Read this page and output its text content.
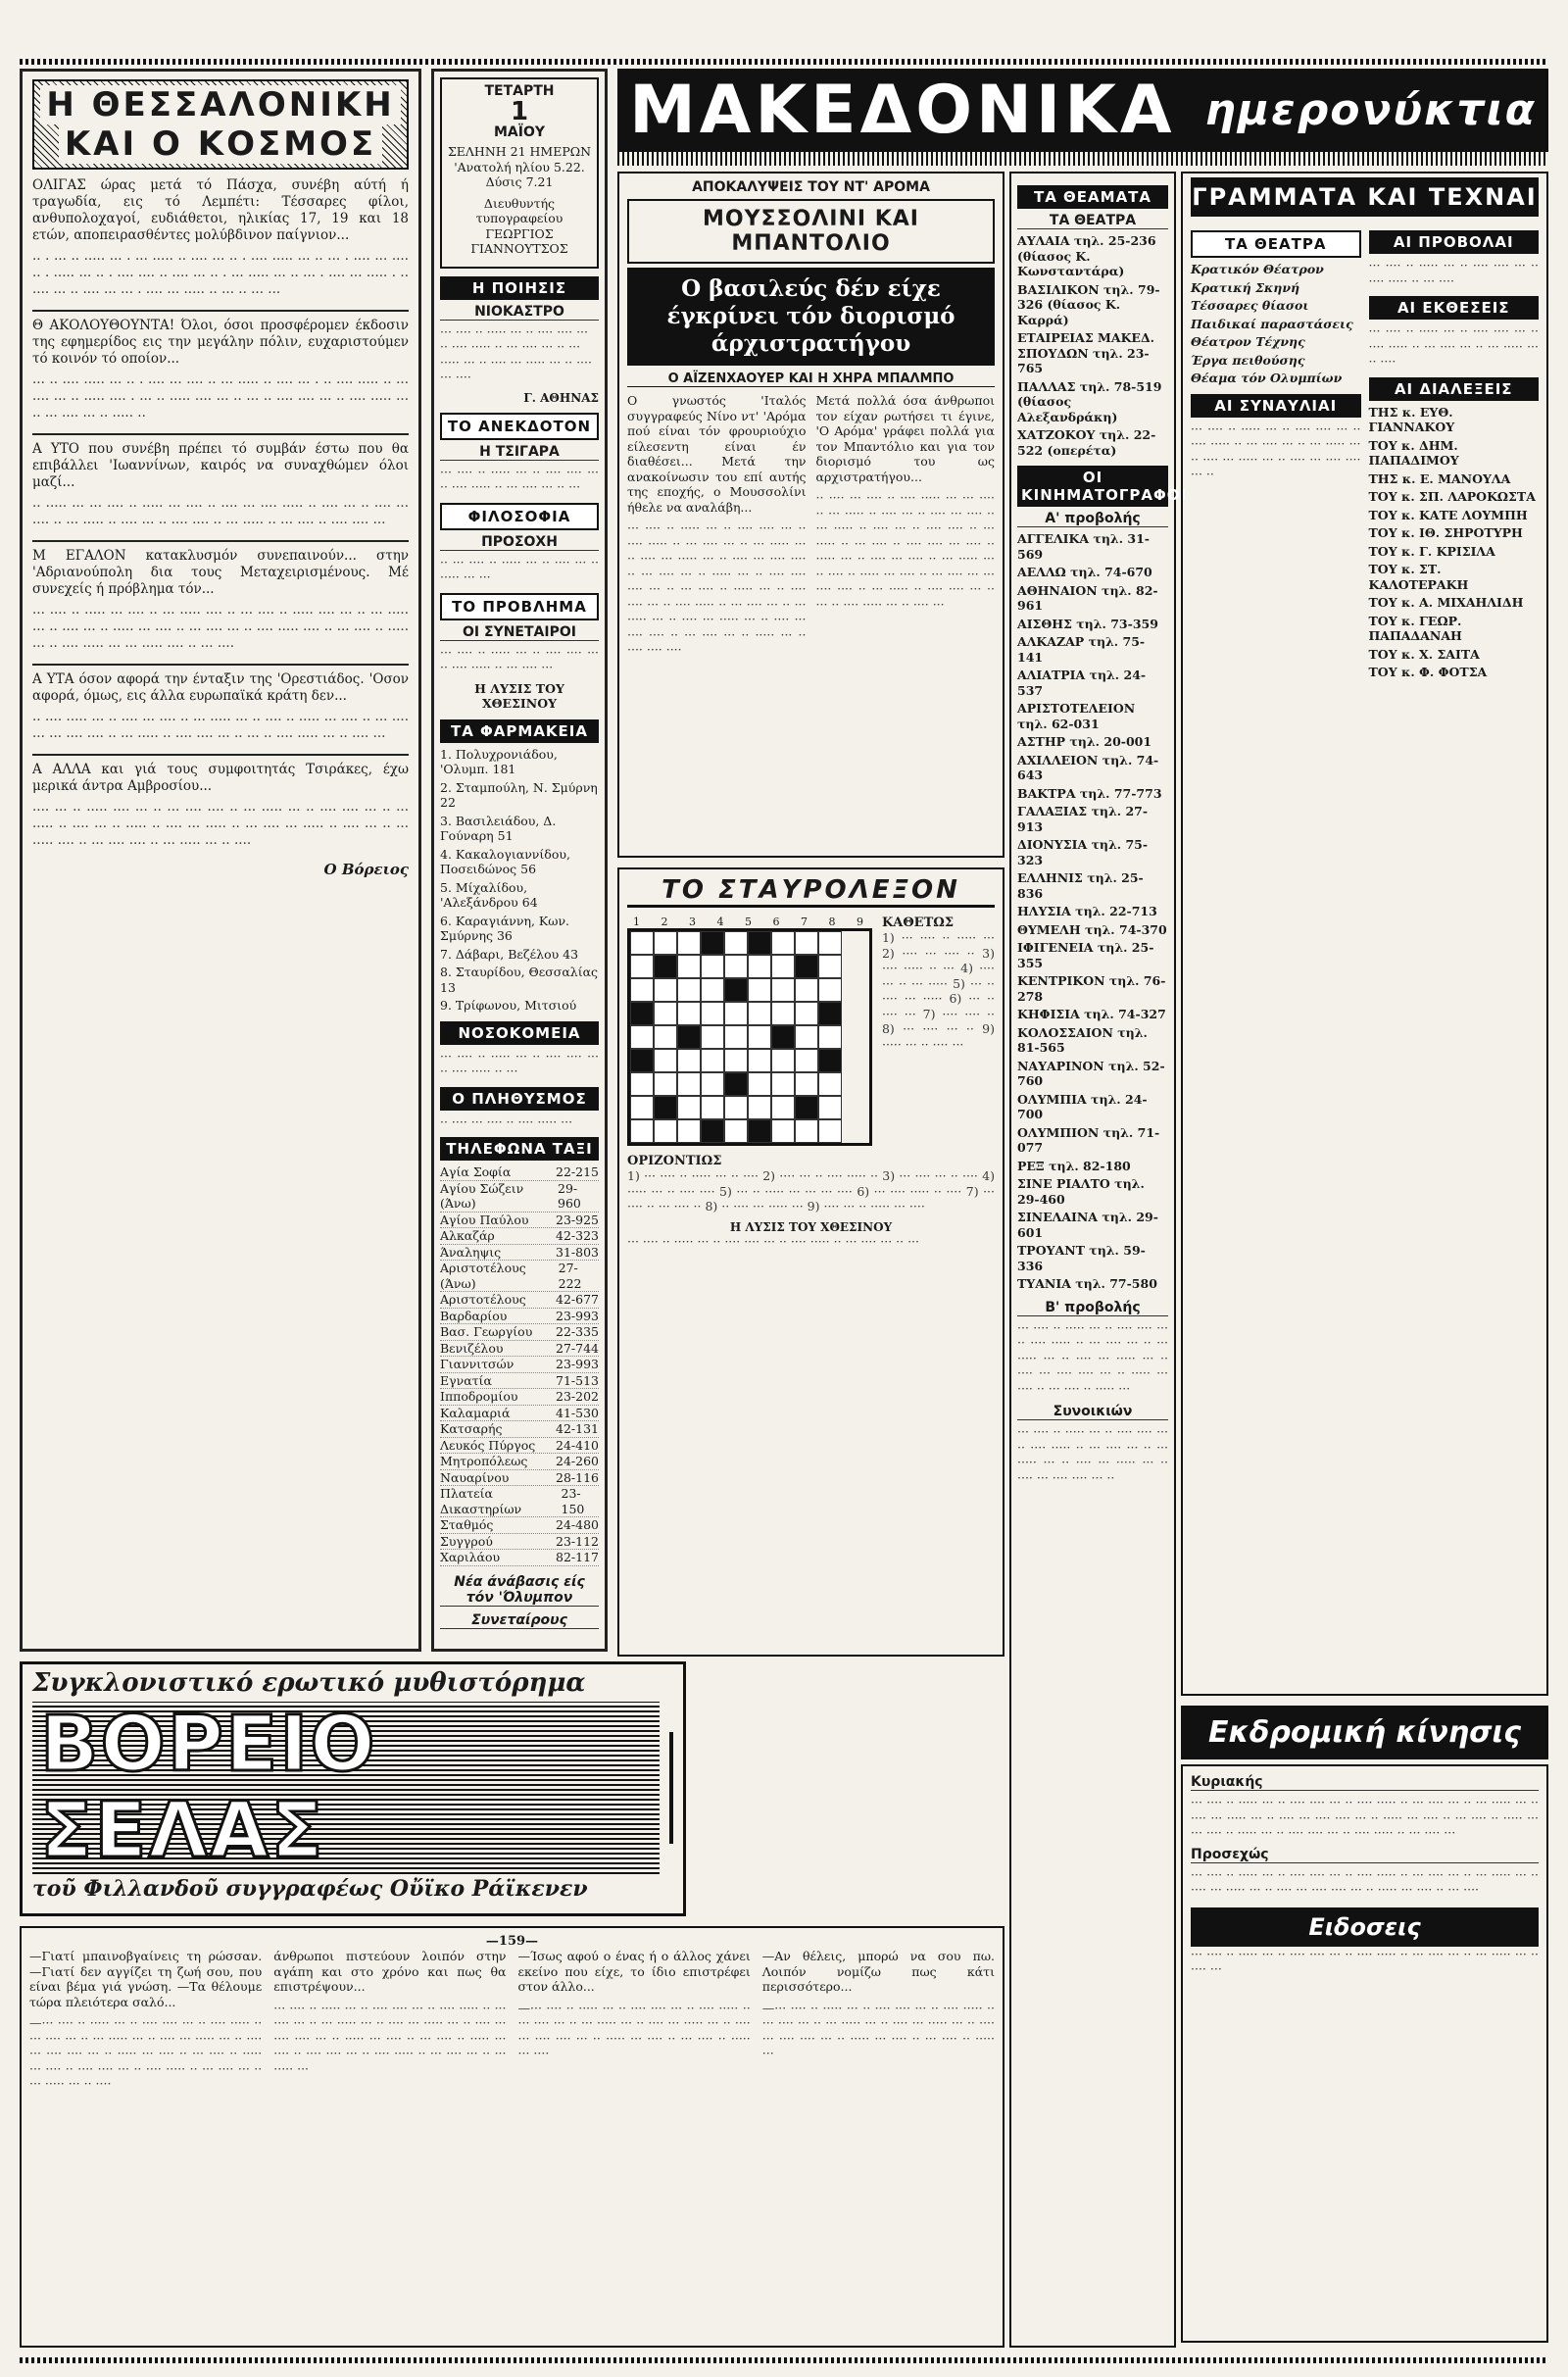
Η ΘΕΣΣΑΛΟΝΙΚΗ
ΚΑΙ Ο ΚΟΣΜΟΣ

ΟΛΙΓΑΣ ώρας μετά τό Πάσχα, συνέβη αύτή ή τραγωδία, εις τό Λεμπέτι: Τέσσαρες φίλοι, ανθυπολοχαγοί, ευδιάθετοι, ηλικίας 17, 19 και 18 ετών, αποπειρασθέντες μολύβδινον παίγνιον...

·· · ··· ·· ····· ··· · ··· ····· ·· ···· ··· ·· · ···· ····· ··· ·· ··· · ···· ··· ···· ·· · ····· ··· ·· · ···· ···· ·· ···· ··· ·· · ··· ····· ··· ·· ··· · ···· ··· ····· · ·· ···· ··· ·· ···· ··· ··· · ···· ··· ····· ·· ··· ·· ··· ···

Θ ΑΚΟΛΟΥΘΟΥΝΤΑ! Όλοι, όσοι προσφέρομεν έκδοσιν της εφημερίδος εις την μεγάλην πόλιν, ευχαριστούμεν τό κοινόν τό οποίον...

··· ·· ···· ····· ··· ·· · ···· ··· ···· ·· ··· ····· ·· ···· ··· · ·· ···· ····· ·· ··· ···· ··· ·· ····· ···· · ··· ·· ····· ···· ··· ·· ··· ·· ···· ···· ··· ·· ···· ····· ··· ·· ··· ···· ··· ·· ····· ··

Α ΥΤΟ που συνέβη πρέπει τό συμβάν έστω που θα επιβάλλει 'Ιωαννίνων, καιρός να συναχθώμεν όλοι μαζί...

·· ····· ··· ··· ···· ·· ····· ··· ···· ·· ···· ··· ···· ····· ·· ···· ··· ·· ···· ··· ···· ·· ··· ····· ·· ···· ··· ·· ···· ···· ·· ··· ····· ·· ··· ···· ·· ···· ···· ···

Μ ΕΓΑΛΟΝ κατακλυσμόν συνεπαινούν... στην 'Αδριανούπολη δια τους Μεταχειρισμένους. Μέ συνεχείς ή πρόβλημα τόν...

··· ···· ·· ····· ··· ···· ·· ··· ····· ···· ·· ··· ···· ·· ····· ···· ··· ·· ··· ····· ··· ·· ···· ··· ·· ····· ··· ···· ·· ··· ···· ··· ·· ···· ····· ···· ·· ··· ···· ·· ····· ··· ·· ···· ····· ··· ··· ····· ···· ·· ··· ····

Α ΥΤΑ όσον αφορά την ένταξιν της 'Ορεστιάδος. 'Οσον αφορά, όμως, εις άλλα ευρωπαϊκά κράτη δεν...

·· ···· ····· ··· ·· ···· ··· ···· ·· ··· ····· ··· ·· ···· ·· ····· ··· ···· ·· ··· ···· ··· ··· ···· ···· ·· ··· ····· ·· ···· ···· ··· ·· ··· ·· ···· ····· ··· ·· ···· ···

Α ΑΛΛΑ και γιά τους συμφοιτητάς Τσιράκες, έχω μερικά άντρα Αμβροσίου...

···· ··· ·· ····· ···· ··· ·· ··· ···· ···· ·· ··· ····· ··· ·· ···· ···· ··· ·· ··· ····· ·· ···· ··· ·· ····· ·· ···· ··· ····· ·· ··· ···· ··· ····· ·· ···· ··· ·· ··· ····· ···· ·· ··· ···· ···· ·· ··· ····· ··· ·· ····

Ο Βόρειος
ΤΕΤΑΡΤΗ
1
ΜΑΪΟΥ
ΣΕΛΗΝΗ 21 ΗΜΕΡΩΝ 'Ανατολή ηλίου 5.22. Δύσις 7.21
Διευθυντής τυπογραφείου ΓΕΩΡΓΙΟΣ ΓΙΑΝΝΟΥΤΣΟΣ
Η ΠΟΙΗΣΙΣ
ΝΙΟΚΑΣΤΡΟ

··· ···· ·· ····· ··· ·· ···· ···· ··· ·· ···· ····· ·· ··· ···· ··· ·· ··· ····· ··· ·· ···· ··· ····· ··· ·· ···· ··· ····

Γ. ΑΘΗΝΑΣ
ΤΟ ΑΝΕΚΔΟΤΟΝ
Η ΤΣΙΓΑΡΑ

··· ···· ·· ····· ··· ·· ···· ···· ··· ·· ···· ····· ·· ··· ···· ··· ·· ···

ΦΙΛΟΣΟΦΙΑ
ΠΡΟΣΟΧΗ

·· ··· ···· ·· ····· ··· ·· ···· ··· ·· ····· ··· ···

ΤΟ ΠΡΟΒΛΗΜΑ
ΟΙ ΣΥΝΕΤΑΙΡΟΙ

··· ···· ·· ····· ··· ·· ···· ···· ··· ·· ···· ····· ·· ··· ···· ···

Η ΛΥΣΙΣ ΤΟΥ ΧΘΕΣΙΝΟΥ
ΤΑ ΦΑΡΜΑΚΕΙΑ
1. Πολυχρονιάδου, 'Ολυμπ. 181
2. Σταμπούλη, Ν. Σμύρνη 22
3. Βασιλειάδου, Δ. Γούναρη 51
4. Κακαλογιαννίδου, Ποσειδώνος 56
5. Μίχαλίδου, 'Αλεξάνδρου 64
6. Καραγιάννη, Κων. Σμύρνης 36
7. Δάβαρι, Βεζέλου 43
8. Σταυρίδου, Θεσσαλίας 13
9. Τρίφωνου, Μιτσιού
ΝΟΣΟΚΟΜΕΙΑ

··· ···· ·· ····· ··· ·· ···· ···· ··· ·· ···· ····· ·· ···

Ο ΠΛΗΘΥΣΜΟΣ

·· ···· ··· ···· ·· ···· ····· ···

ΤΗΛΕΦΩΝΑ ΤΑΞΙ
Αγία Σοφία	22-215
Αγίου Σώζειν (Άνω)
29-960
Αγίου Παύλου 23-925
Αλκαζάρ	42-323
Άναληψις	31-803
Αριστοτέλους (Άνω)
27-222
Αριστοτέλους 42-677
Βαρδαρίου	23-993
Βασ. Γεωργίου 22-335
Βενιζέλου	27-744
Γιαννιτσών	23-993
Εγνατία	71-513
Ιπποδρομίου	23-202
Καλαμαριά	41-530
Κατσαρής	42-131
Λευκός Πύργος 24-410
Μητροπόλεως 24-260
Ναυαρίνου	28-116
Πλατεία Δικαστηρίων
23-150
Σταθμός	24-480
Συγγρού	23-112
Χαριλάου	82-117
Νέα άνάβασις είς τόν 'Όλυμπον
Συνεταίρους
ΜΑΚΕΔΟΝΙΚΑ ημερονύκτια
ΑΠΟΚΑΛΥΨΕΙΣ ΤΟΥ ΝΤ' ΑΡΟΜΑ
ΜΟΥΣΣΟΛΙΝΙ ΚΑΙ ΜΠΑΝΤΟΛΙΟ
Ο βασιλεύς δέν είχε έγκρίνει τόν διορισμό άρχιστρατήγου
Ο ΑΪΖΕΝΧΑΟΥΕΡ ΚΑΙ Η ΧΗΡΑ ΜΠΑΛΜΠΟ

Ο γνωστός 'Ιταλός συγγραφεύς Νίνο ντ' 'Αρόμα πού είναι τόν φρουριούχιο είλεσεντη είναι έν διαθέσει... Μετά την ανακοίνωσιν του επί αυτής της εποχής, ο Μουσσολίνι ήθελε να αναλάβη...

··· ···· ·· ····· ··· ·· ···· ···· ··· ·· ···· ····· ·· ··· ···· ··· ·· ··· ····· ··· ·· ···· ··· ····· ··· ·· ···· ··· ···· ···· ·· ··· ···· ··· ·· ····· ··· ·· ···· ···· ···· ··· ·· ··· ···· ·· ····· ··· ·· ···· ···· ··· ·· ···· ····· ·· ··· ···· ··· ·· ··· ····· ··· ·· ···· ··· ····· ··· ·· ···· ··· ···· ···· ·· ··· ···· ··· ·· ····· ··· ·· ···· ···· ····

Μετά πολλά όσα άνθρωποι τον είχαν ρωτήσει τι έγινε, 'Ο Αρόμα' γράφει πολλά για τον Μπαντόλιο και για τον διορισμό του ως αρχιστρατήγου...

·· ···· ··· ···· ·· ···· ····· ··· ··· ···· ·· ··· ····· ·· ···· ··· ·· ···· ··· ···· ·· ··· ····· ·· ···· ··· ·· ···· ···· ·· ··· ····· ·· ··· ···· ·· ···· ···· ··· ···· ·· ····· ··· ·· ···· ··· ···· ·· ··· ····· ··· ·· ···· ·· ····· ··· ···· ·· ··· ···· ··· ··· ···· ···· ·· ··· ····· ·· ···· ···· ··· ·· ··· ·· ···· ····· ··· ·· ···· ···

ΤΟ ΣΤΑΥΡΟΛΕΞΟΝ
1 2 3 4 5 6 7 8 9 ΚΑΘΕΤΩΣ

1) ··· ···· ·· ····· ··· 2) ···· ··· ···· ·· 3) ···· ····· ·· ··· 4) ···· ··· ·· ··· ····· 5) ··· ·· ···· ··· ····· 6) ··· ·· ···· ··· 7) ···· ···· ·· 8) ··· ···· ··· ·· 9) ····· ··· ·· ···· ···

ΟΡΙΖΟΝΤΙΩΣ

1) ··· ···· ·· ····· ··· ·· ···· 2) ···· ··· ·· ···· ····· ·· 3) ··· ···· ··· ·· ···· 4) ····· ··· ·· ···· ···· 5) ··· ·· ····· ··· ··· ··· ···· 6) ··· ···· ····· ·· ···· 7) ··· ···· ·· ··· ···· ·· 8) ·· ···· ··· ····· ··· 9) ···· ··· ·· ····· ··· ····

Η ΛΥΣΙΣ ΤΟΥ ΧΘΕΣΙΝΟΥ

··· ···· ·· ····· ··· ·· ···· ···· ··· ·· ···· ····· ·· ··· ···· ··· ·· ···

ΤΑ ΘΕΑΜΑΤΑ
ΤΑ ΘΕΑΤΡΑ
ΑΥΛΑΙΑ τηλ. 25-236 (θίασος Κ. Κωνσταντάρα)
ΒΑΣΙΛΙΚΟΝ τηλ. 79-326 (θίασος Κ. Καρρά)
ΕΤΑΙΡΕΙΑΣ ΜΑΚΕΔ. ΣΠΟΥΔΩΝ τηλ. 23-765
ΠΑΛΛΑΣ τηλ. 78-519 (θίασος Αλεξανδράκη)
ΧΑΤΖΟΚΟΥ τηλ. 22-522 (οπερέτα)
ΟΙ ΚΙΝΗΜΑΤΟΓΡΑΦΟΙ
Α' προβολής
ΑΓΓΕΛΙΚΑ τηλ. 31-569
ΑΕΛΛΩ τηλ. 74-670
ΑΘΗΝΑΙΟΝ τηλ. 82-961
ΑΙΣΘΗΣ τηλ. 73-359
ΑΛΚΑΖΑΡ τηλ. 75-141
ΑΛΙΑΤΡΙΑ τηλ. 24-537
ΑΡΙΣΤΟΤΕΛΕΙΟΝ τηλ. 62-031
ΑΣΤΗΡ τηλ. 20-001
ΑΧΙΛΛΕΙΟΝ τηλ. 74-643
ΒΑΚΤΡΑ τηλ. 77-773
ΓΑΛΑΞΙΑΣ τηλ. 27-913
ΔΙΟΝΥΣΙΑ τηλ. 75-323
ΕΛΛΗΝΙΣ τηλ. 25-836
ΗΛΥΣΙΑ τηλ. 22-713
ΘΥΜΕΛΗ τηλ. 74-370
ΙΦΙΓΕΝΕΙΑ τηλ. 25-355
ΚΕΝΤΡΙΚΟΝ τηλ. 76-278
ΚΗΦΙΣΙΑ τηλ. 74-327
ΚΟΛΟΣΣΑΙΟΝ τηλ. 81-565
ΝΑΥΑΡΙΝΟΝ τηλ. 52-760
ΟΛΥΜΠΙΑ τηλ. 24-700
ΟΛΥΜΠΙΟΝ τηλ. 71-077
ΡΕΞ τηλ. 82-180
ΣΙΝΕ ΡΙΑΛΤΟ τηλ. 29-460
ΣΙΝΕΛΑΙΝΑ τηλ. 29-601
ΤΡΟΥΑΝΤ τηλ. 59-336
ΤΥΑΝΙΑ τηλ. 77-580
Β' προβολής

··· ···· ·· ····· ··· ·· ···· ···· ··· ·· ···· ····· ·· ··· ···· ··· ·· ··· ····· ··· ·· ···· ··· ····· ··· ·· ···· ··· ···· ···· ··· ·· ····· ··· ···· ·· ··· ···· ·· ····· ···

Συνοικιών

··· ···· ·· ····· ··· ·· ···· ···· ··· ·· ···· ····· ·· ··· ···· ··· ·· ··· ····· ··· ·· ···· ··· ····· ··· ·· ···· ··· ···· ···· ··· ··

ΓΡΑΜΜΑΤΑ ΚΑΙ ΤΕΧΝΑΙ
ΤΑ ΘΕΑΤΡΑ
Κρατικόν Θέατρον
Κρατική Σκηνή
Τέσσαρες θίασοι
Παιδικαί παραστάσεις
Θέατρον Τέχνης
Έργα πειθούσης
Θέαμα τόν Ολυμπίων
ΑΙ ΣΥΝΑΥΛΙΑΙ

··· ···· ·· ····· ··· ·· ···· ···· ··· ·· ···· ····· ·· ··· ···· ··· ·· ··· ····· ··· ·· ···· ··· ····· ··· ·· ···· ··· ···· ···· ··· ··

ΑΙ ΠΡΟΒΟΛΑΙ

··· ···· ·· ····· ··· ·· ···· ···· ··· ·· ···· ····· ·· ··· ····

ΑΙ ΕΚΘΕΣΕΙΣ

··· ···· ·· ····· ··· ·· ···· ···· ··· ·· ···· ····· ·· ··· ···· ··· ·· ··· ····· ··· ·· ····

ΑΙ ΔΙΑΛΕΞΕΙΣ
ΤΗΣ κ. ΕΥΘ. ΓΙΑΝΝΑΚΟΥ
ΤΟΥ κ. ΔΗΜ. ΠΑΠΑΔΙΜΟΥ
ΤΗΣ κ. Ε. ΜΑΝΟΥΛΑ
ΤΟΥ κ. ΣΠ. ΛΑΡΟΚΩΣΤΑ
ΤΟΥ κ. ΚΑΤΕ ΛΟΥΜΠΗ
ΤΟΥ κ. ΙΘ. ΣΗΡΟΤΥΡΗ
ΤΟΥ κ. Γ. ΚΡΙΣΙΛΑ
ΤΟΥ κ. ΣΤ. ΚΑΛΟΤΕΡΑΚΗ
ΤΟΥ κ. Α. ΜΙΧΑΗΛΙΔΗ
ΤΟΥ κ. ΓΕΩΡ. ΠΑΠΑΔΑΝΑΗ
ΤΟΥ κ. Χ. ΣΑΙΤΑ
ΤΟΥ κ. Φ. ΦΟΤΣΑ
Εκδρομική κίνησις
Κυριακής

··· ···· ·· ····· ··· ·· ···· ···· ··· ·· ···· ····· ·· ··· ···· ··· ·· ··· ····· ··· ·· ···· ··· ····· ··· ·· ···· ··· ···· ···· ··· ·· ····· ··· ···· ·· ··· ···· ·· ····· ··· ··· ···· ·· ····· ··· ·· ···· ···· ··· ·· ···· ····· ·· ··· ···· ···

Προσεχώς

··· ···· ·· ····· ··· ·· ···· ···· ··· ·· ···· ····· ·· ··· ···· ··· ·· ··· ····· ··· ·· ···· ··· ····· ··· ·· ···· ··· ···· ···· ··· ·· ····· ··· ···· ·· ··· ····

Ειδοσεις

··· ···· ·· ····· ··· ·· ···· ···· ··· ·· ···· ····· ·· ··· ···· ··· ·· ··· ····· ··· ·· ···· ···

Συγκλονιστικό ερωτικό μυθιστόρημα
ΒΟΡΕΙΟ ΣΕΛΑΣ
τοῦ Φιλλανδοῦ συγγραφέως Οὔϊκο Ράϊκενεν
—159—

—Γιατί μπαινοβγαίνεις τη ρώσσαν. —Γιατί δεν αγγίζει τη ζωή σου, που είναι βέμα γιά γνώση. —Τα θέλουμε τώρα πλειότερα σαλό...

—··· ···· ·· ····· ··· ·· ···· ···· ··· ·· ···· ····· ·· ··· ···· ··· ·· ··· ····· ··· ·· ···· ··· ····· ··· ·· ···· ··· ···· ···· ··· ·· ····· ··· ···· ·· ··· ···· ·· ····· ··· ···· ·· ···· ···· ··· ·· ···· ····· ·· ··· ···· ··· ·· ··· ····· ··· ·· ····

άνθρωποι πιστεύουν λοιπόν στην αγάπη και στο χρόνο και πως θα επιστρέψουν...

··· ···· ·· ····· ··· ·· ···· ···· ··· ·· ···· ····· ·· ··· ···· ··· ·· ··· ····· ··· ·· ···· ··· ····· ··· ·· ···· ··· ···· ···· ··· ·· ····· ··· ···· ·· ··· ···· ·· ····· ··· ···· ·· ···· ···· ··· ·· ···· ····· ·· ··· ···· ··· ·· ··· ····· ···

—Ίσως αφού ο ένας ή ο άλλος χάνει εκείνο που είχε, το ίδιο επιστρέφει στον άλλο...

—··· ···· ·· ····· ··· ·· ···· ···· ··· ·· ···· ····· ·· ··· ···· ··· ·· ··· ····· ··· ·· ···· ··· ····· ··· ·· ···· ··· ···· ···· ··· ·· ····· ··· ···· ·· ··· ···· ·· ····· ··· ····

—Αν θέλεις, μπορώ να σου πω. Λοιπόν νομίζω πως κάτι περισσότερο...

—··· ···· ·· ····· ··· ·· ···· ···· ··· ·· ···· ····· ·· ··· ···· ··· ·· ··· ····· ··· ·· ···· ··· ····· ··· ·· ···· ··· ···· ···· ··· ·· ····· ··· ···· ·· ··· ···· ·· ····· ···
